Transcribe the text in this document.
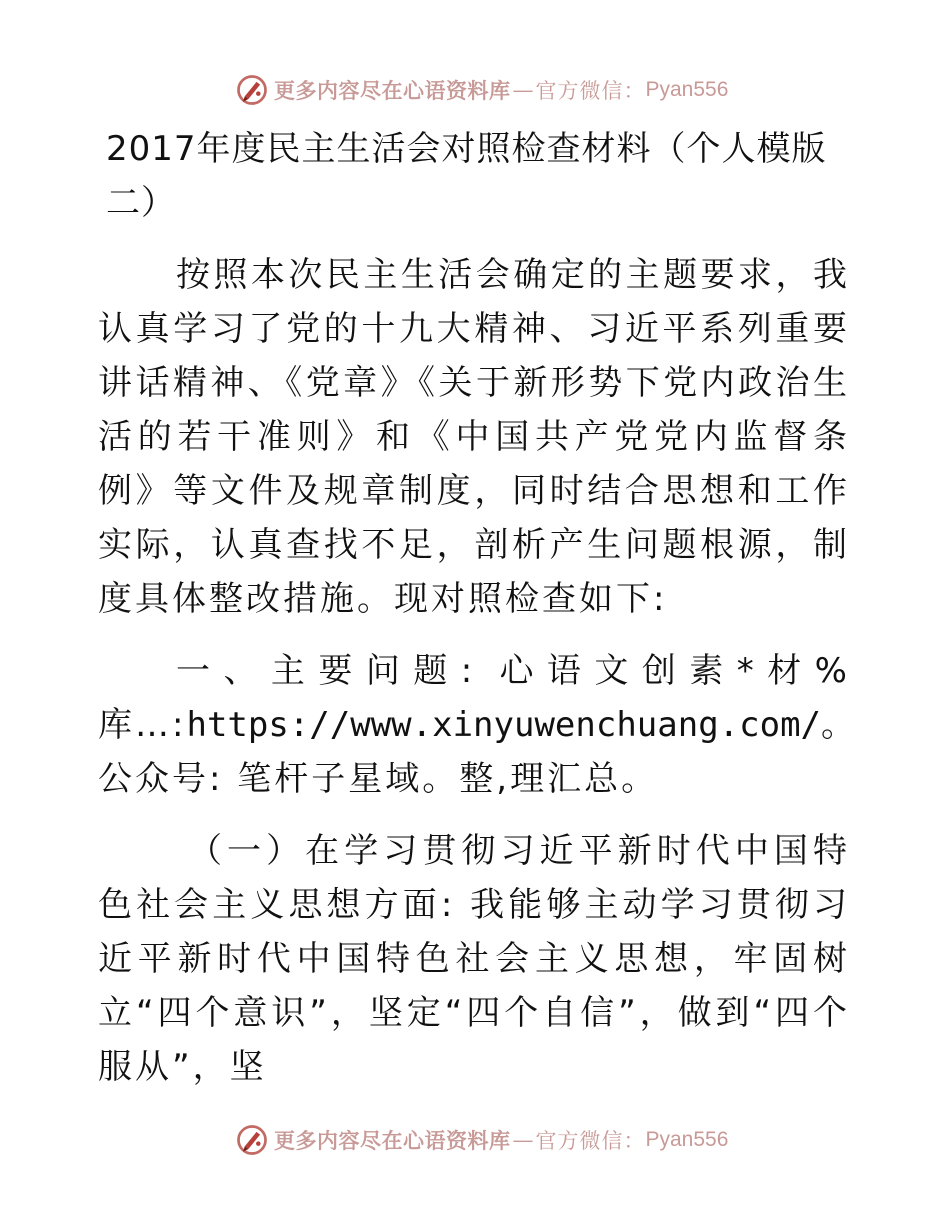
更多内容尽在心语资料库 — 官方微信： Pyan556

2017年度民主生活会对照检查材料（个人模版二）

按照本次民主生活会确定的主题要求，我认真学习了党的十九大精神、习近平系列重要讲话精神、《党章》《关于新形势下党内政治生活的若干准则》和《中国共产党党内监督条例》等文件及规章制度，同时结合思想和工作实际，认真查找不足，剖析产生问题根源，制度具体整改措施。现对照检查如下:

一、主要问题: 心语文创素*材%库…:https://www.xinyuwenchuang.com/。公众号: 笔杆子星域。整,理汇总。

（一）在学习贯彻习近平新时代中国特色社会主义思想方面: 我能够主动学习贯彻习近平新时代中国特色社会主义思想，牢固树立“四个意识”，坚定“四个自信”，做到“四个服从”，坚

更多内容尽在心语资料库 — 官方微信： Pyan556
